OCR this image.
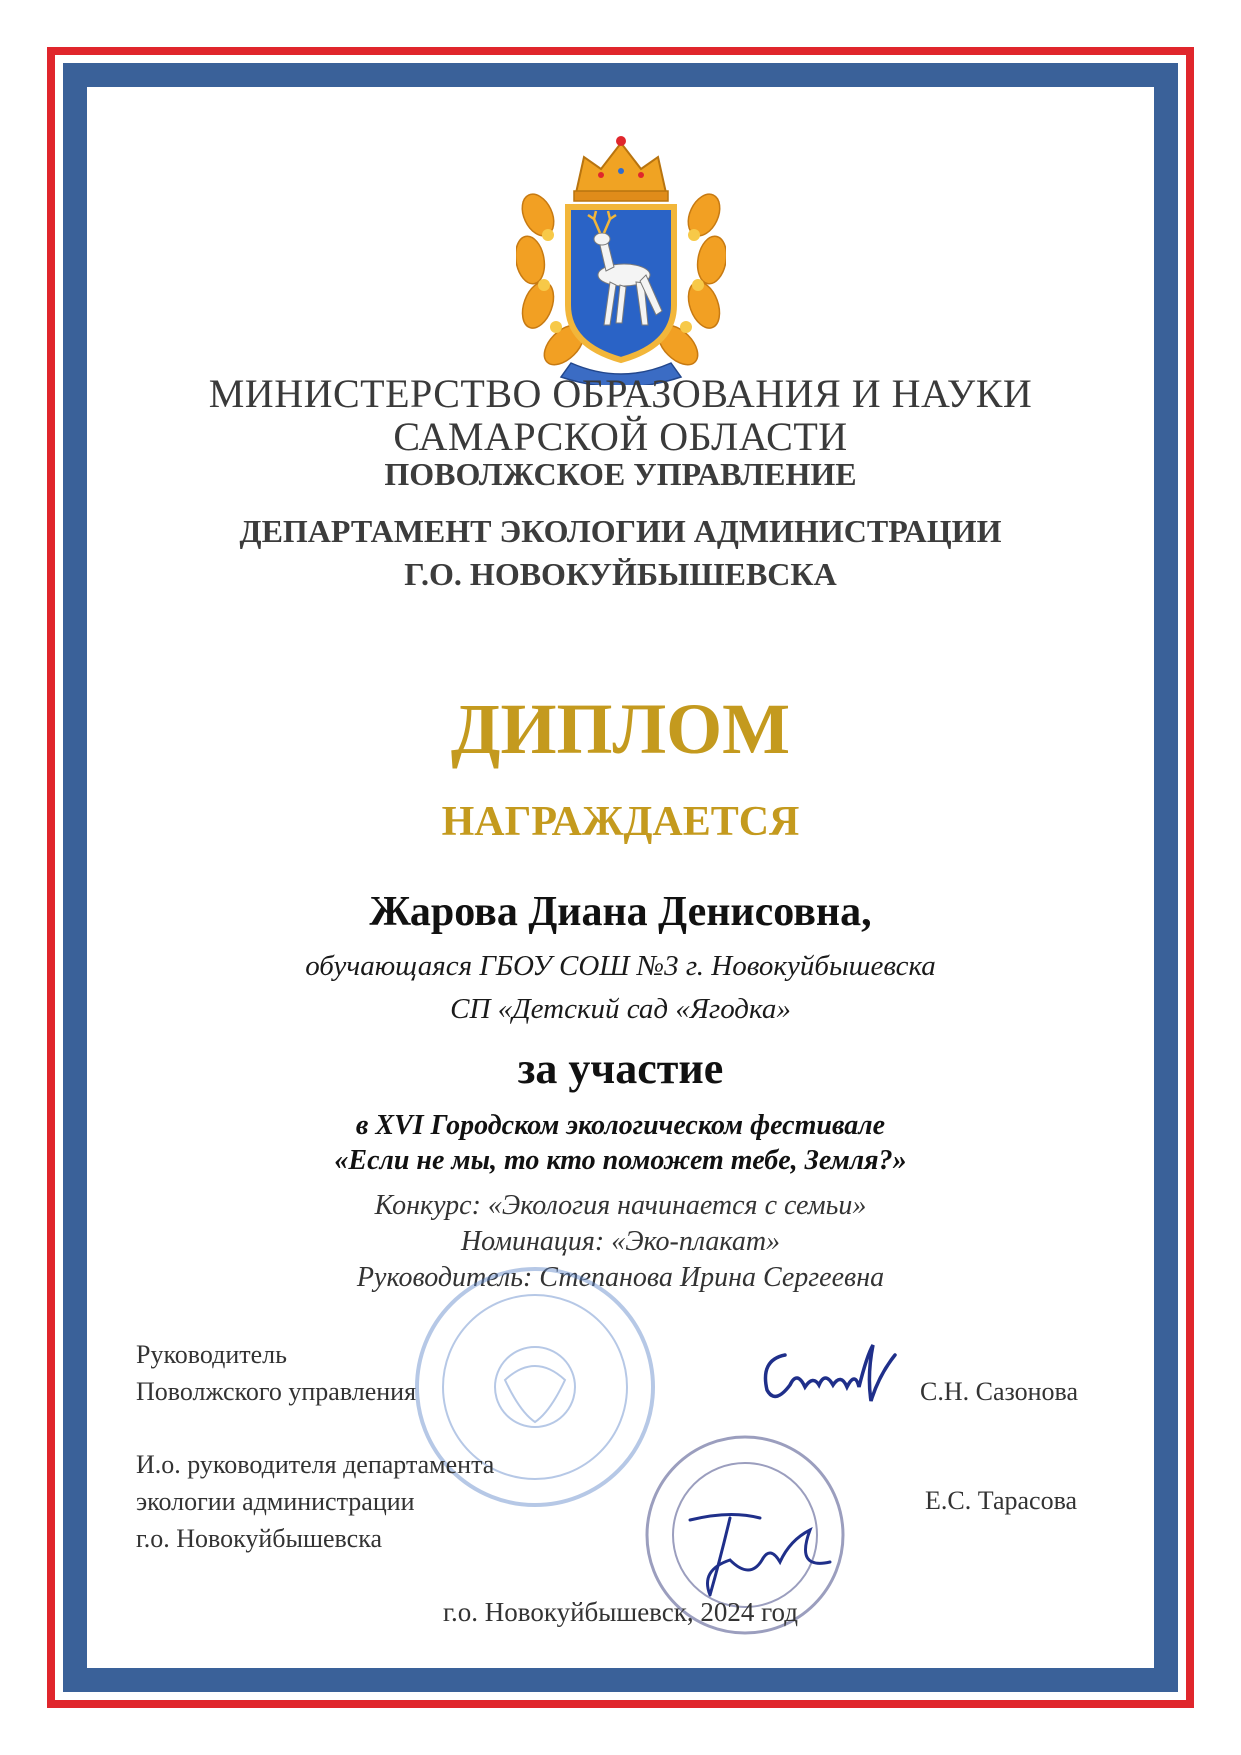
МИНИСТЕРСТВО ОБРАЗОВАНИЯ И НАУКИ
САМАРСКОЙ ОБЛАСТИ
ПОВОЛЖСКОЕ УПРАВЛЕНИЕ
ДЕПАРТАМЕНТ ЭКОЛОГИИ АДМИНИСТРАЦИИ
Г.О. НОВОКУЙБЫШЕВСКА
ДИПЛОМ
НАГРАЖДАЕТСЯ
Жарова Диана Денисовна,
обучающаяся ГБОУ СОШ №3 г. Новокуйбышевска
СП «Детский сад «Ягодка»
за участие
в XVI Городском экологическом фестивале
«Если не мы, то кто поможет тебе, Земля?»
Конкурс: «Экология начинается с семьи»
Номинация: «Эко-плакат»
Руководитель: Степанова Ирина Сергеевна
Руководитель
Поволжского управления	С.Н. Сазонова
И.о. руководителя департамента
экологии администрации
г.о. Новокуйбышевска
Е.С. Тарасова
г.о. Новокуйбышевск, 2024 год
